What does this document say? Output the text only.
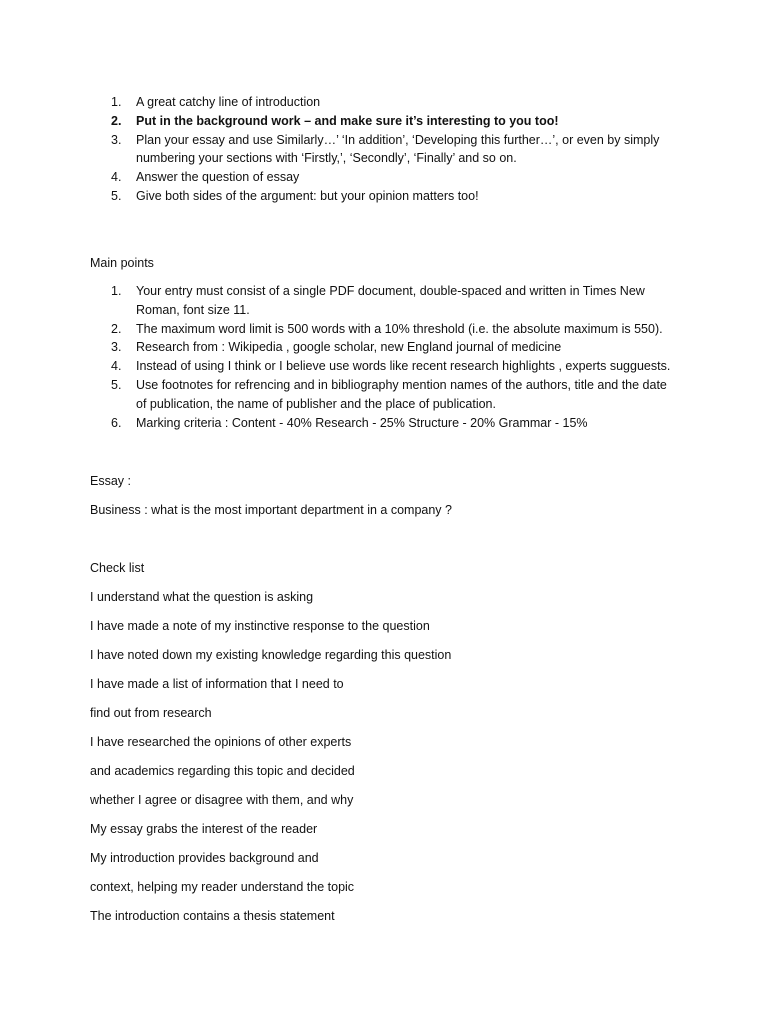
1.	A great catchy line of introduction
2.	Put in the background work – and make sure it’s interesting to you too!
3.	Plan your essay and use Similarly…’ ‘In addition’, ‘Developing this further…’, or even by simply numbering your sections with ‘Firstly,’, ‘Secondly’, ‘Finally’ and so on.
4.	Answer the question of essay
5.	Give both sides of the argument: but your opinion matters too!

Main points

1.	Your entry must consist of a single PDF document, double-spaced and written in Times New Roman, font size 11.
2.	The maximum word limit is 500 words with a 10% threshold (i.e. the absolute maximum is 550).
3.	Research from : Wikipedia , google scholar, new England journal of medicine
4.	Instead of using I think or I believe use words like recent research highlights , experts sugguests.
5.	Use footnotes for refrencing and in bibliography mention names of the authors, title and the date of publication, the name of publisher and the place of publication.
6.	Marking criteria : Content - 40% Research - 25% Structure - 20% Grammar - 15%

Essay :

Business : what is the most important department in a company ?

Check list

I understand what the question is asking

I have made a note of my instinctive response to the question

I have noted down my existing knowledge regarding this question

I have made a list of information that I need to

find out from research

I have researched the opinions of other experts

and academics regarding this topic and decided

whether I agree or disagree with them, and why

My essay grabs the interest of the reader

My introduction provides background and

context, helping my reader understand the topic

The introduction contains a thesis statement
